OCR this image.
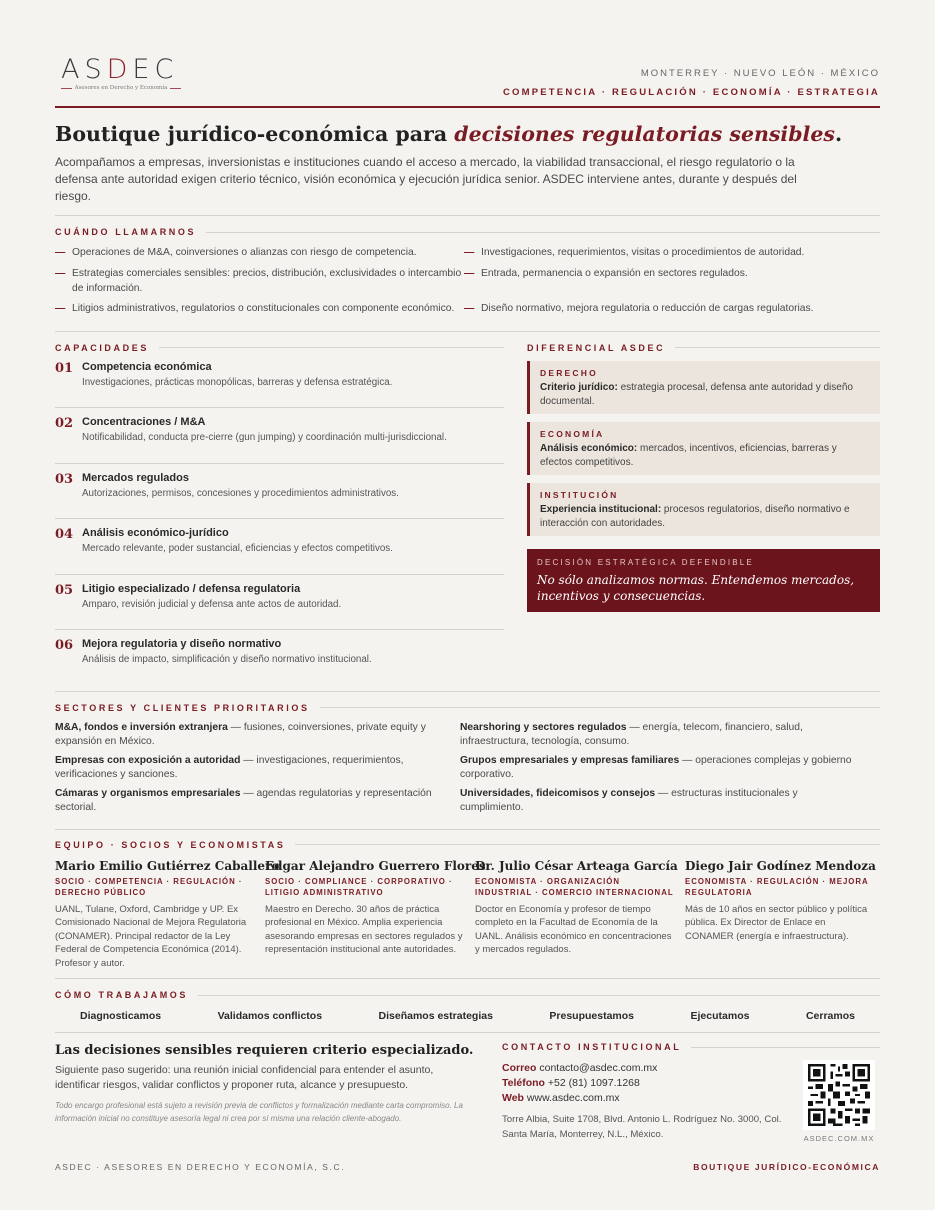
ASDEC
Asesores en Derecho y Economía
MONTERREY · NUEVO LEÓN · MÉXICO
COMPETENCIA · REGULACIÓN · ECONOMÍA · ESTRATEGIA
Boutique jurídico-económica para decisiones regulatorias sensibles.
Acompañamos a empresas, inversionistas e instituciones cuando el acceso a mercado, la viabilidad transaccional, el riesgo regulatorio o la defensa ante autoridad exigen criterio técnico, visión económica y ejecución jurídica senior. ASDEC interviene antes, durante y después del riesgo.
CUÁNDO LLAMARNOS
— Operaciones de M&A, coinversiones o alianzas con riesgo de competencia.	— Investigaciones, requerimientos, visitas o procedimientos de autoridad.
— Estrategias comerciales sensibles: precios, distribución, exclusividades o intercambio de información.
— Entrada, permanencia o expansión en sectores regulados.
— Litigios administrativos, regulatorios o constitucionales con componente económico. — Diseño normativo, mejora regulatoria o reducción de cargas regulatorias.
CAPACIDADES
01 Competencia económica
Investigaciones, prácticas monopólicas, barreras y defensa estratégica.
02 Concentraciones / M&A
Notificabilidad, conducta pre-cierre (gun jumping) y coordinación multi-jurisdiccional.
03 Mercados regulados
Autorizaciones, permisos, concesiones y procedimientos administrativos.
04 Análisis económico-jurídico
Mercado relevante, poder sustancial, eficiencias y efectos competitivos.
05 Litigio especializado / defensa regulatoria
Amparo, revisión judicial y defensa ante actos de autoridad.
06 Mejora regulatoria y diseño normativo
Análisis de impacto, simplificación y diseño normativo institucional.
DIFERENCIAL ASDEC
DERECHO
Criterio jurídico: estrategia procesal, defensa ante autoridad y diseño documental.
ECONOMÍA
Análisis económico: mercados, incentivos, eficiencias, barreras y efectos competitivos.
INSTITUCIÓN
Experiencia institucional: procesos regulatorios, diseño normativo e interacción con autoridades.
DECISIÓN ESTRATÉGICA DEFENDIBLE
No sólo analizamos normas. Entendemos mercados, incentivos y consecuencias.
SECTORES Y CLIENTES PRIORITARIOS
M&A, fondos e inversión extranjera — fusiones, coinversiones, private equity y expansión en México.
Nearshoring y sectores regulados — energía, telecom, financiero, salud, infraestructura, tecnología, consumo.
Empresas con exposición a autoridad — investigaciones, requerimientos, verificaciones y sanciones.
Grupos empresariales y empresas familiares — operaciones complejas y gobierno corporativo.
Cámaras y organismos empresariales — agendas regulatorias y representación sectorial.
Universidades, fideicomisos y consejos — estructuras institucionales y cumplimiento.
EQUIPO · SOCIOS Y ECONOMISTAS
Mario Emilio Gutiérrez Caballero
SOCIO · COMPETENCIA · REGULACIÓN · DERECHO PÚBLICO
UANL, Tulane, Oxford, Cambridge y UP. Ex Comisionado Nacional de Mejora Regulatoria (CONAMER). Principal redactor de la Ley Federal de Competencia Económica (2014). Profesor y autor.
Edgar Alejandro Guerrero Flores
SOCIO · COMPLIANCE · CORPORATIVO · LITIGIO ADMINISTRATIVO
Maestro en Derecho. 30 años de práctica profesional en México. Amplia experiencia asesorando empresas en sectores regulados y representación institucional ante autoridades.
Dr. Julio César Arteaga García
ECONOMISTA · ORGANIZACIÓN INDUSTRIAL · COMERCIO INTERNACIONAL
Doctor en Economía y profesor de tiempo completo en la Facultad de Economía de la UANL. Análisis económico en concentraciones y mercados regulados.
Diego Jair Godínez Mendoza
ECONOMISTA · REGULACIÓN · MEJORA REGULATORIA
Más de 10 años en sector público y política pública. Ex Director de Enlace en CONAMER (energía e infraestructura).
CÓMO TRABAJAMOS
Diagnosticamos	Validamos conflictos	Diseñamos estrategias	Presupuestamos	Ejecutamos	Cerramos
Las decisiones sensibles requieren criterio especializado.
Siguiente paso sugerido: una reunión inicial confidencial para entender el asunto, identificar riesgos, validar conflictos y proponer ruta, alcance y presupuesto.
Todo encargo profesional está sujeto a revisión previa de conflictos y formalización mediante carta compromiso. La información inicial no constituye asesoría legal ni crea por sí misma una relación cliente-abogado.
CONTACTO INSTITUCIONAL
Correo contacto@asdec.com.mx
Teléfono +52 (81) 1097.1268
Web www.asdec.com.mx
Torre Albia, Suite 1708, Blvd. Antonio L. Rodríguez No. 3000, Col. Santa María, Monterrey, N.L., México.	ASDEC.COM.MX
ASDEC · ASESORES EN DERECHO Y ECONOMÍA, S.C.	BOUTIQUE JURÍDICO-ECONÓMICA
